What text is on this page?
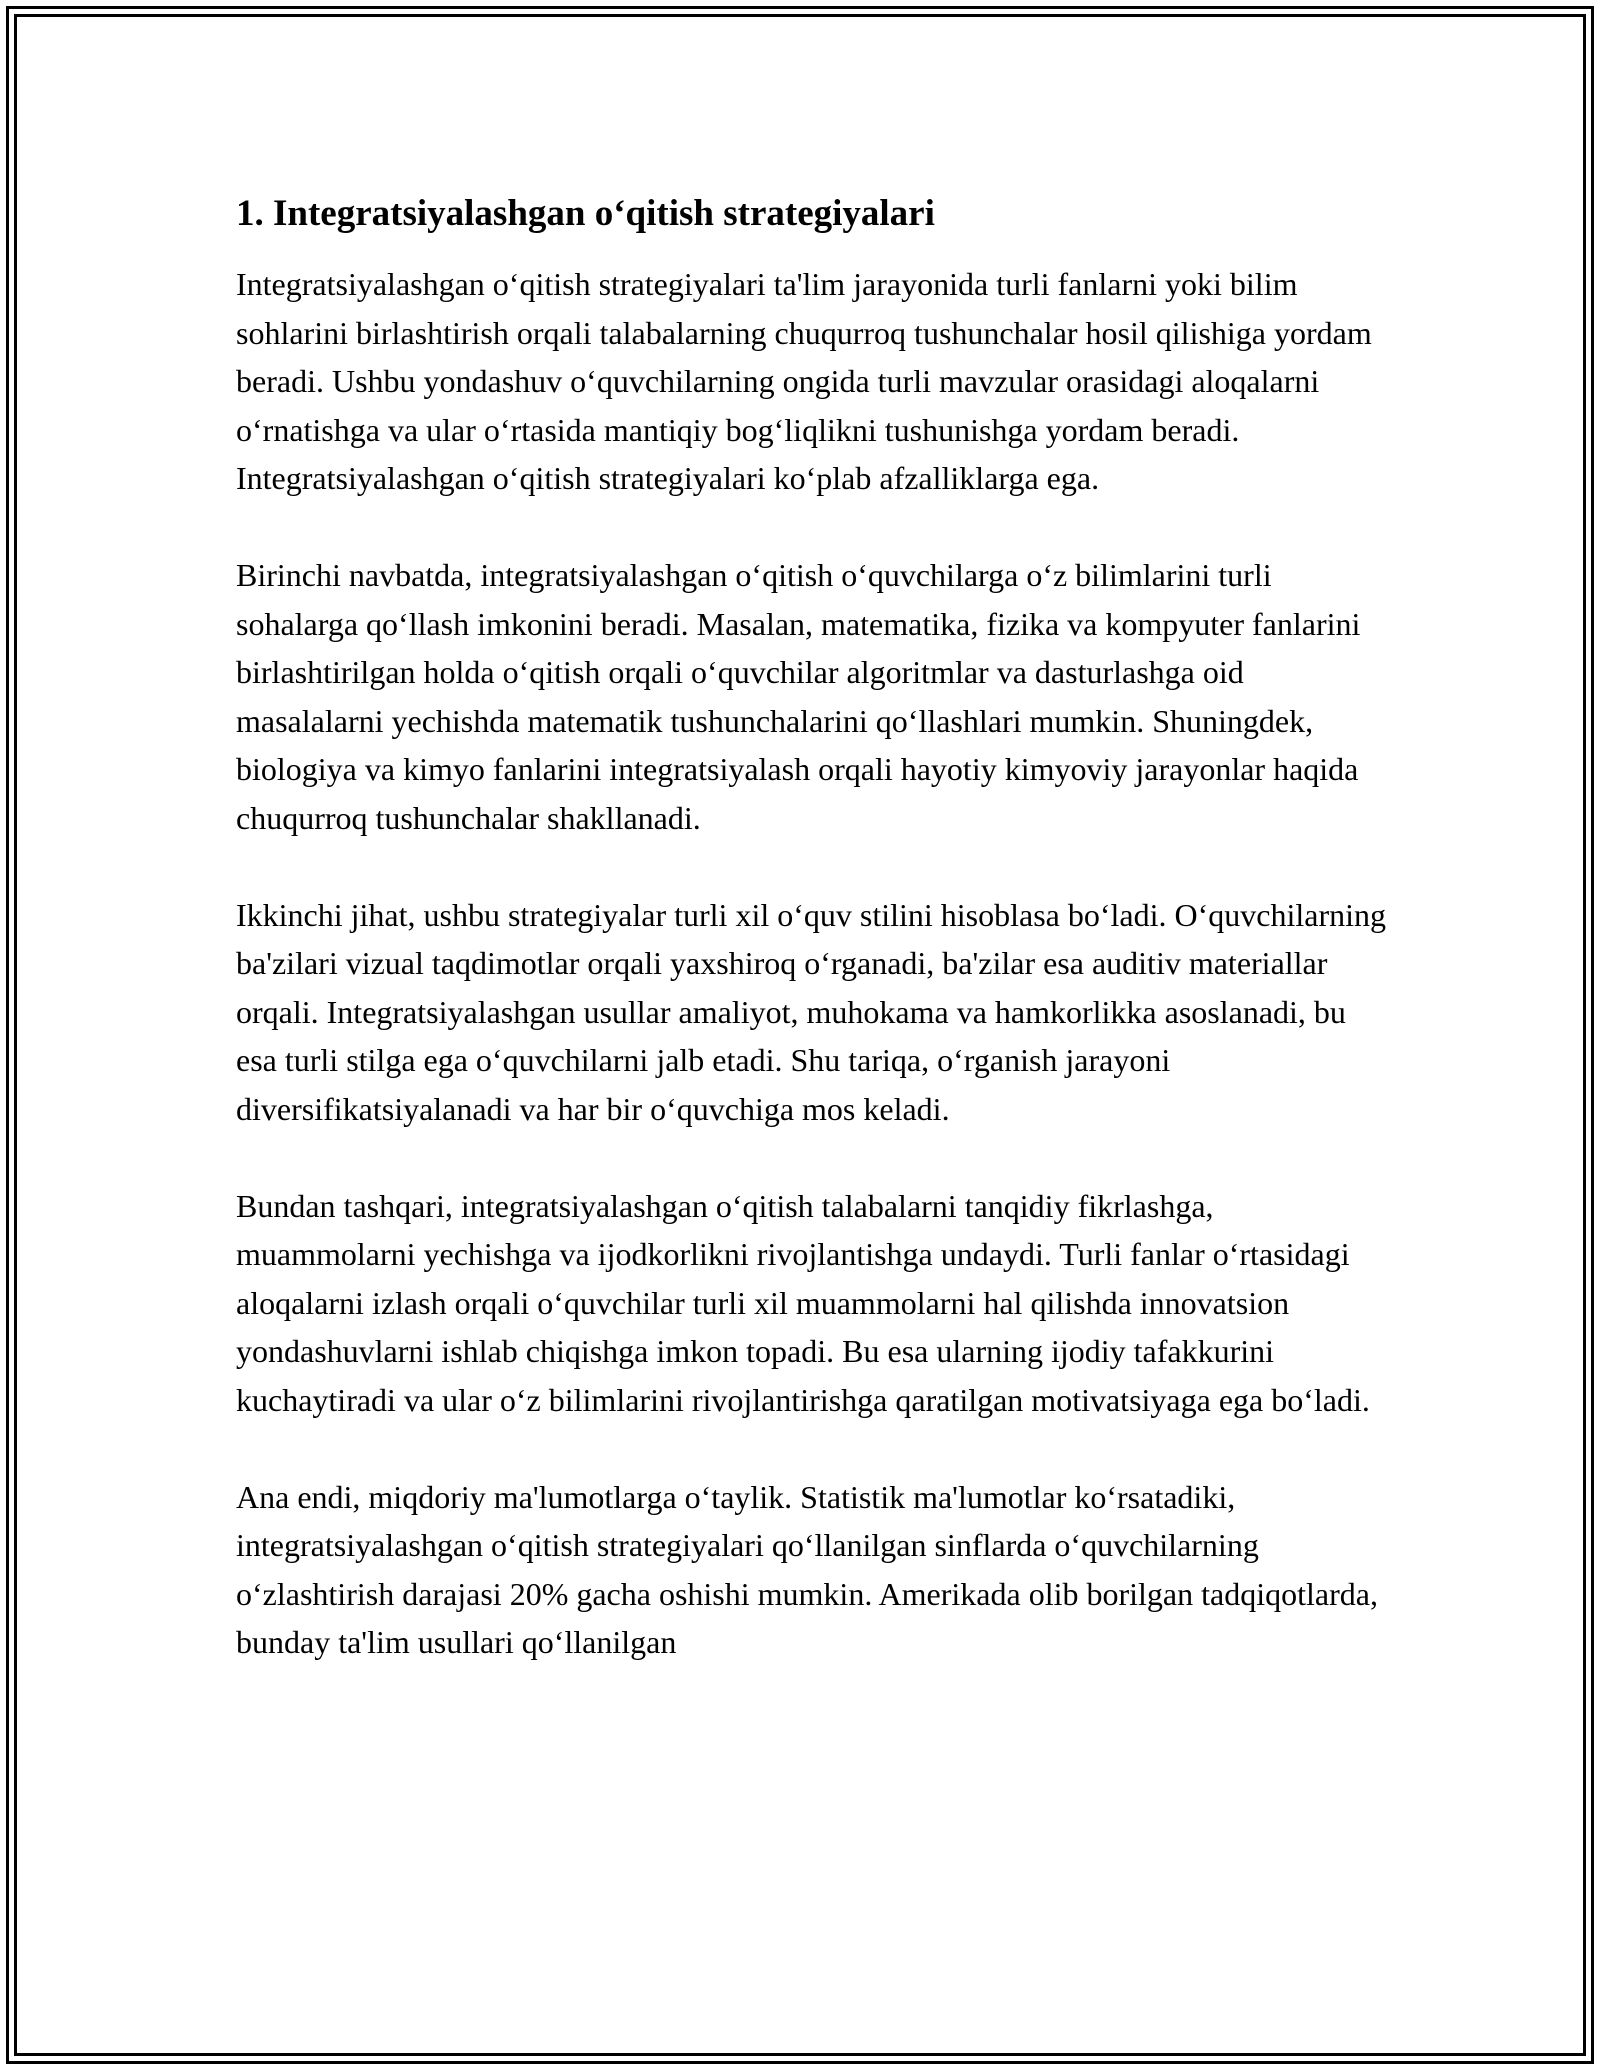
1. Integratsiyalashgan o‘qitish strategiyalari

Integratsiyalashgan o‘qitish strategiyalari ta'lim jarayonida turli fanlarni yoki bilim sohlarini birlashtirish orqali talabalarning chuqurroq tushunchalar hosil qilishiga yordam beradi. Ushbu yondashuv o‘quvchilarning ongida turli mavzular orasidagi aloqalarni o‘rnatishga va ular o‘rtasida mantiqiy bog‘liqlikni tushunishga yordam beradi. Integratsiyalashgan o‘qitish strategiyalari ko‘plab afzalliklarga ega.

Birinchi navbatda, integratsiyalashgan o‘qitish o‘quvchilarga o‘z bilimlarini turli sohalarga qo‘llash imkonini beradi. Masalan, matematika, fizika va kompyuter fanlarini birlashtirilgan holda o‘qitish orqali o‘quvchilar algoritmlar va dasturlashga oid masalalarni yechishda matematik tushunchalarini qo‘llashlari mumkin. Shuningdek, biologiya va kimyo fanlarini integratsiyalash orqali hayotiy kimyoviy jarayonlar haqida chuqurroq tushunchalar shakllanadi.

Ikkinchi jihat, ushbu strategiyalar turli xil o‘quv stilini hisoblasa bo‘ladi. O‘quvchilarning ba'zilari vizual taqdimotlar orqali yaxshiroq o‘rganadi, ba'zilar esa auditiv materiallar orqali. Integratsiyalashgan usullar amaliyot, muhokama va hamkorlikka asoslanadi, bu esa turli stilga ega o‘quvchilarni jalb etadi. Shu tariqa, o‘rganish jarayoni diversifikatsiyalanadi va har bir o‘quvchiga mos keladi.

Bundan tashqari, integratsiyalashgan o‘qitish talabalarni tanqidiy fikrlashga, muammolarni yechishga va ijodkorlikni rivojlantishga undaydi. Turli fanlar o‘rtasidagi aloqalarni izlash orqali o‘quvchilar turli xil muammolarni hal qilishda innovatsion yondashuvlarni ishlab chiqishga imkon topadi. Bu esa ularning ijodiy tafakkurini kuchaytiradi va ular o‘z bilimlarini rivojlantirishga qaratilgan motivatsiyaga ega bo‘ladi.

Ana endi, miqdoriy ma'lumotlarga o‘taylik. Statistik ma'lumotlar ko‘rsatadiki, integratsiyalashgan o‘qitish strategiyalari qo‘llanilgan sinflarda o‘quvchilarning o‘zlashtirish darajasi 20% gacha oshishi mumkin. Amerikada olib borilgan tadqiqotlarda, bunday ta'lim usullari qo‘llanilgan
